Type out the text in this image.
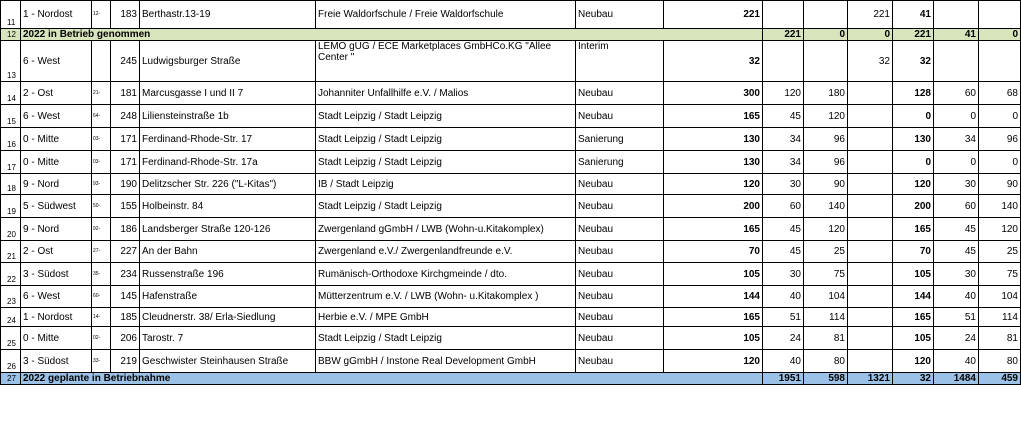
11	1 - Nordost	12-	183	Berthastr.13-19	Freie Waldorfschule / Freie Waldorfschule	Neubau	221			221	41			
12	2022 in Betrieb genommen							221	0	0	221	41	0		
13	6 - West		245	Ludwigsburger Straße	LEMO gUG / ECE Marketplaces GmbHCo.KG "Allee Center "	Interim	32			32	32			
14	2 - Ost	21-	181	Marcusgasse I und II 7	Johanniter Unfallhilfe e.V. / Malios	Neubau	300	120	180		128	60	68	
15	6 - West	64-	248	Liliensteinstraße 1b	Stadt Leipzig / Stadt Leipzig	Neubau	165	45	120		0	0	0	
16	0 - Mitte	03-	171	Ferdinand-Rhode-Str. 17	Stadt Leipzig / Stadt Leipzig	Sanierung	130	34	96		130	34	96	
17	0 - Mitte	03-	171	Ferdinand-Rhode-Str. 17a	Stadt Leipzig / Stadt Leipzig	Sanierung	130	34	96		0	0	0	
18	9 - Nord	93-	190	Delitzscher Str. 226 ("L-Kitas")	IB / Stadt Leipzig	Neubau	120	30	90		120	30	90	
19	5 - Südwest	50-	155	Holbeinstr. 84	Stadt Leipzig / Stadt Leipzig	Neubau	200	60	140		200	60	140	
20	9 - Nord	92-	186	Landsberger Straße 120-126	Zwergenland gGmbH / LWB (Wohn-u.Kitakomplex)	Neubau	165	45	120		165	45	120	
21	2 - Ost	27-	227	An der Bahn	Zwergenland e.V./ Zwergenlandfreunde e.V.	Neubau	70	45	25		70	45	25	
22	3 - Südost	35-	234	Russenstraße 196	Rumänisch-Orthodoxe Kirchgmeinde / dto.	Neubau	105	30	75		105	30	75	
23	6 - West	60-	145	Hafenstraße	Mütterzentrum e.V. / LWB (Wohn- u.Kitakomplex )	Neubau	144	40	104		144	40	104	
24	1 - Nordost	14-	185	Cleudnerstr. 38/ Erla-Siedlung	Herbie e.V. / MPE GmbH	Neubau	165	51	114		165	51	114	
25	0 - Mitte	02-	206	Tarostr. 7	Stadt Leipzig / Stadt Leipzig	Neubau	105	24	81		105	24	81	
26	3 - Südost	33-	219	Geschwister Steinhausen Straße	BBW gGmbH / Instone Real Development GmbH	Neubau	120	40	80		120	40	80	
27	2022 geplante in Betriebnahme							1951	598	1321	32	1484	459		
